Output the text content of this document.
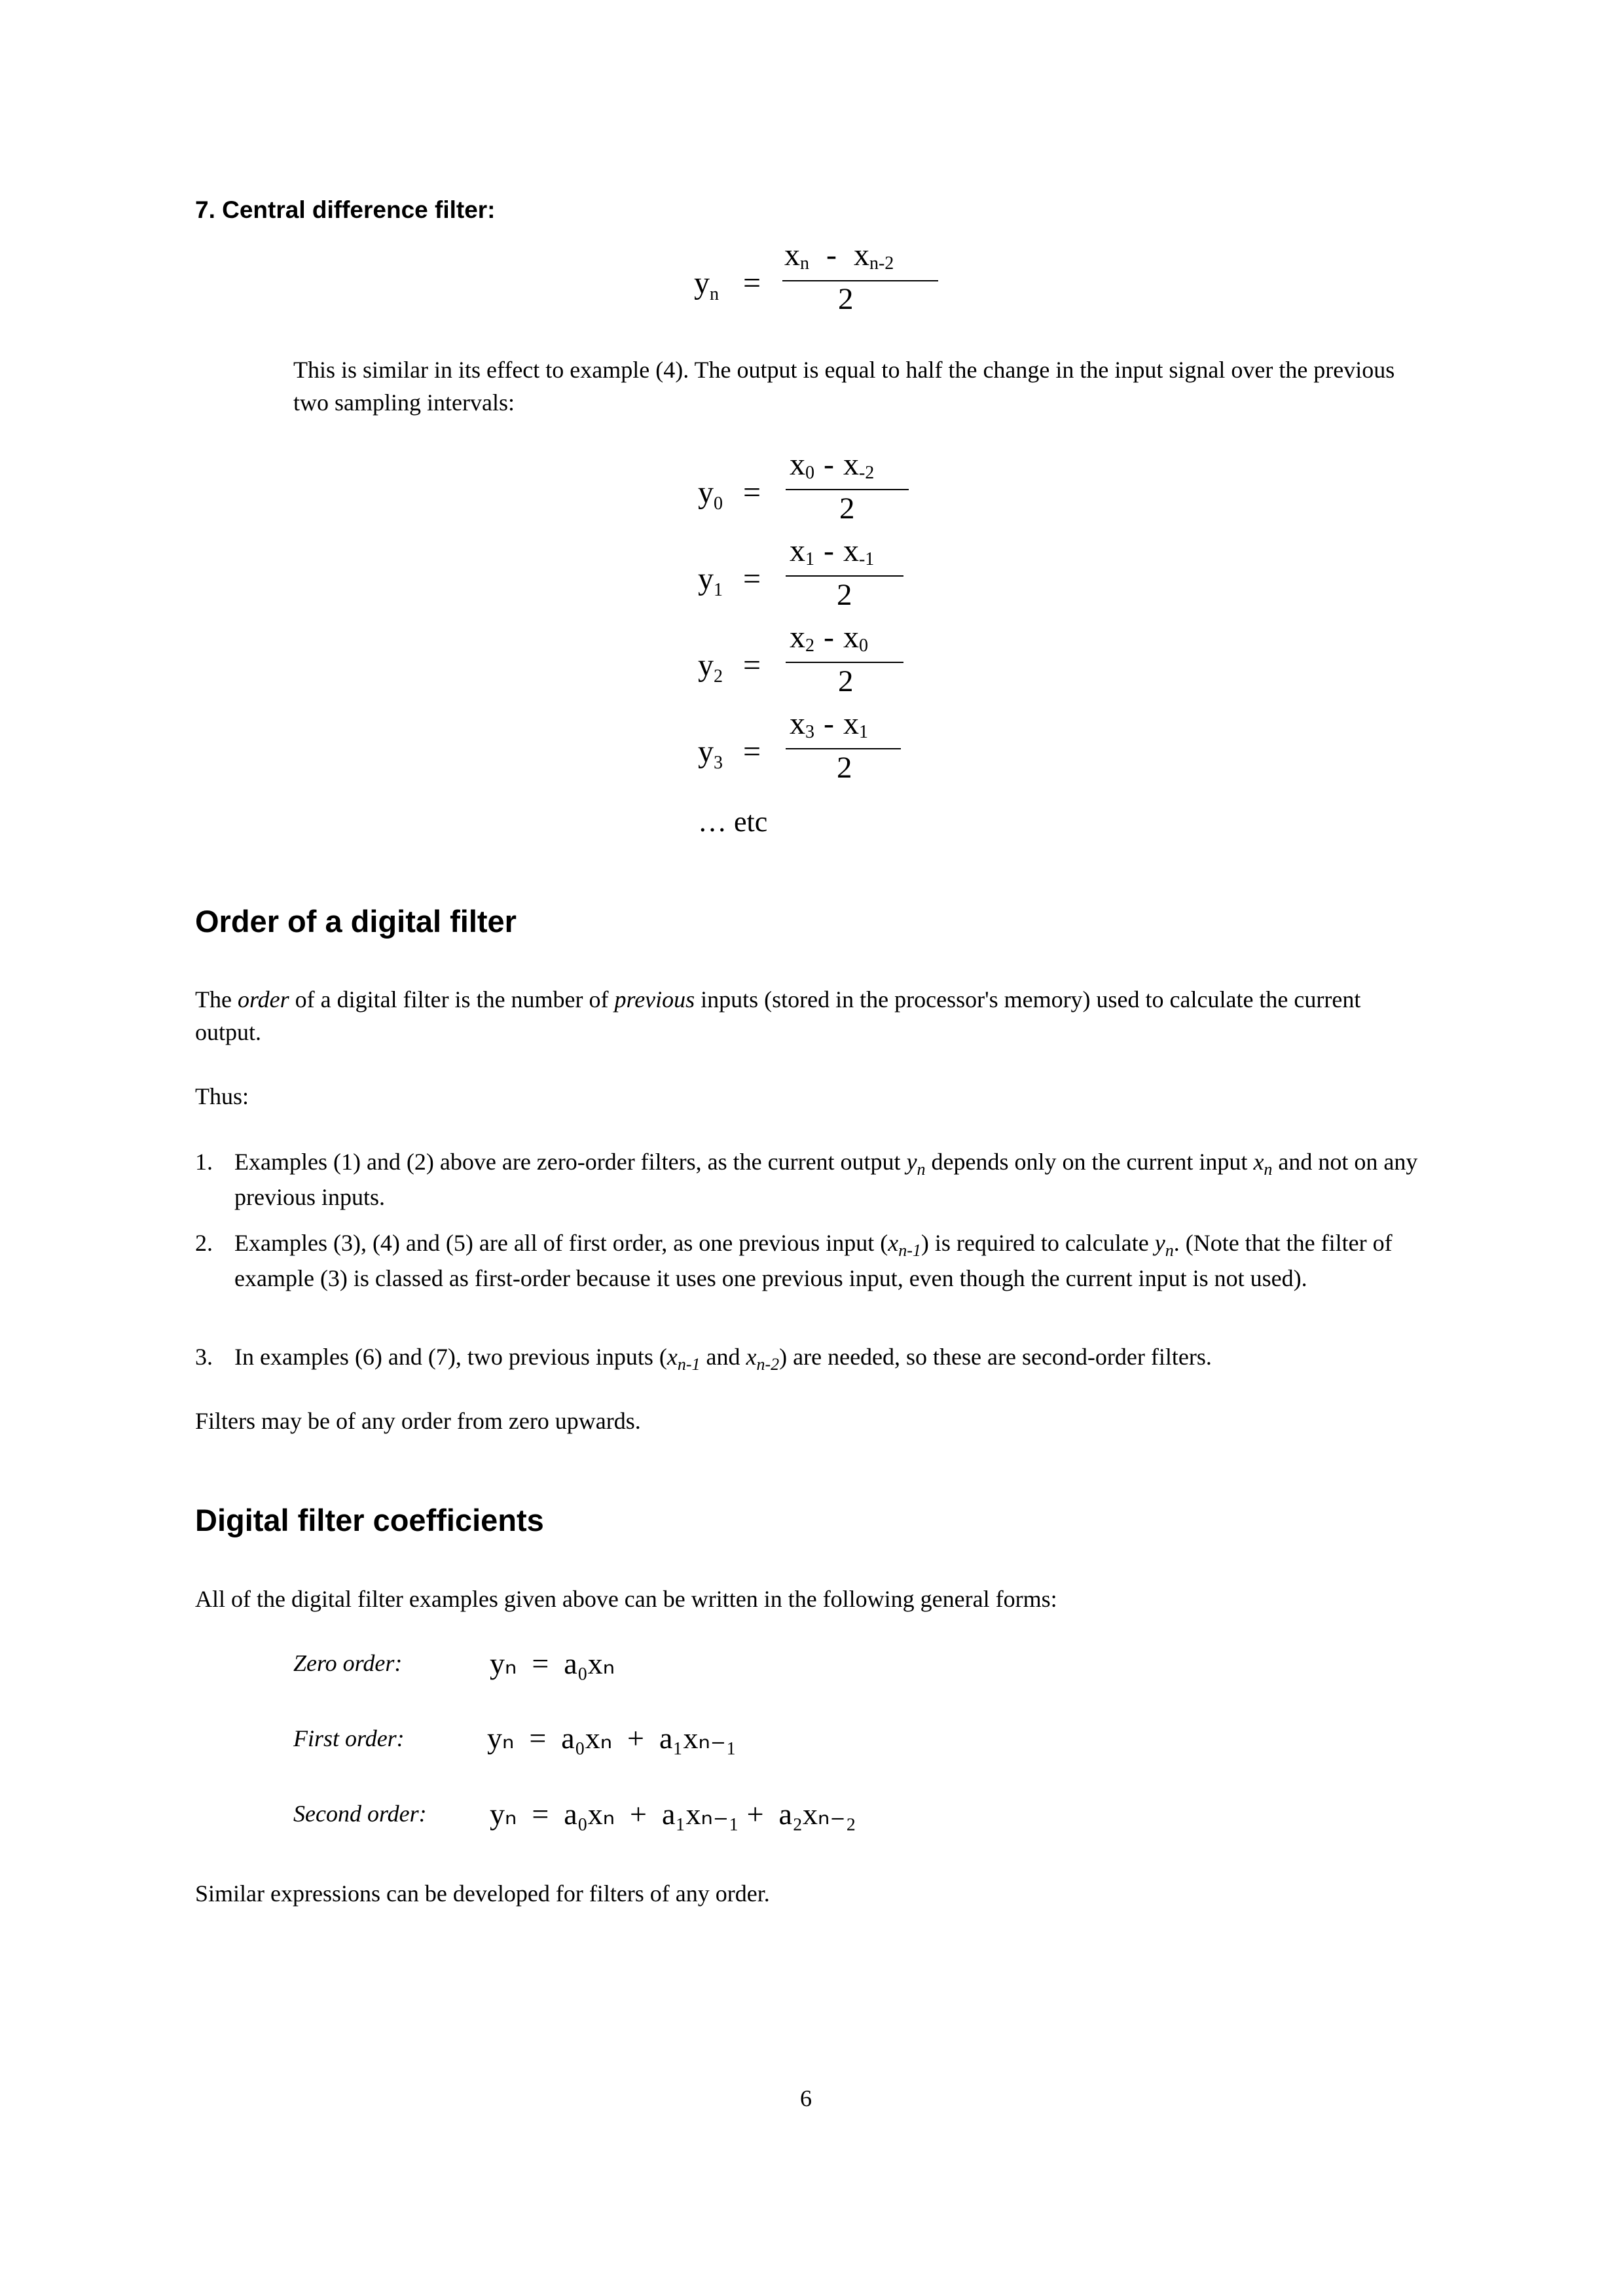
7. Central difference filter:
$y_n$ =
xn - xn-2
2
This is similar in its effect to example (4). The output is equal to half the change in the input signal over the previous two sampling intervals:
$y_0$ =
x0 - x-2
2
$y_1$ =
x1 - x-1
2
$y_2$ =
x2 - x0
2
$y_3$ =
x3 - x1
2
… etc
Order of a digital filter
The order of a digital filter is the number of previous inputs (stored in the processor's memory) used to calculate the current output.
Thus:
1. Examples (1) and (2) above are zero-order filters, as the current output $y_n$ depends only on the current input $x_n$ and not on any previous inputs.
2. Examples (3), (4) and (5) are all of first order, as one previous input $(x_{n-1})$ is required to calculate $y_n$. (Note that the filter of example (3) is classed as first-order because it uses one previous input, even though the current input is not used).
3. In examples (6) and (7), two previous inputs ($x_{n-1}$ and $x_{n-2}$) are needed, so these are second-order filters.
Filters may be of any order from zero upwards.
Digital filter coefficients
All of the digital filter examples given above can be written in the following general forms:
Zero order:	yₙ  =  a₀xₙ
First order:	yₙ  =  a₀xₙ  +  a₁xₙ₋₁
Second order: yₙ  =  a₀xₙ  +  a₁xₙ₋₁ +  a₂xₙ₋₂
Similar expressions can be developed for filters of any order.
6
